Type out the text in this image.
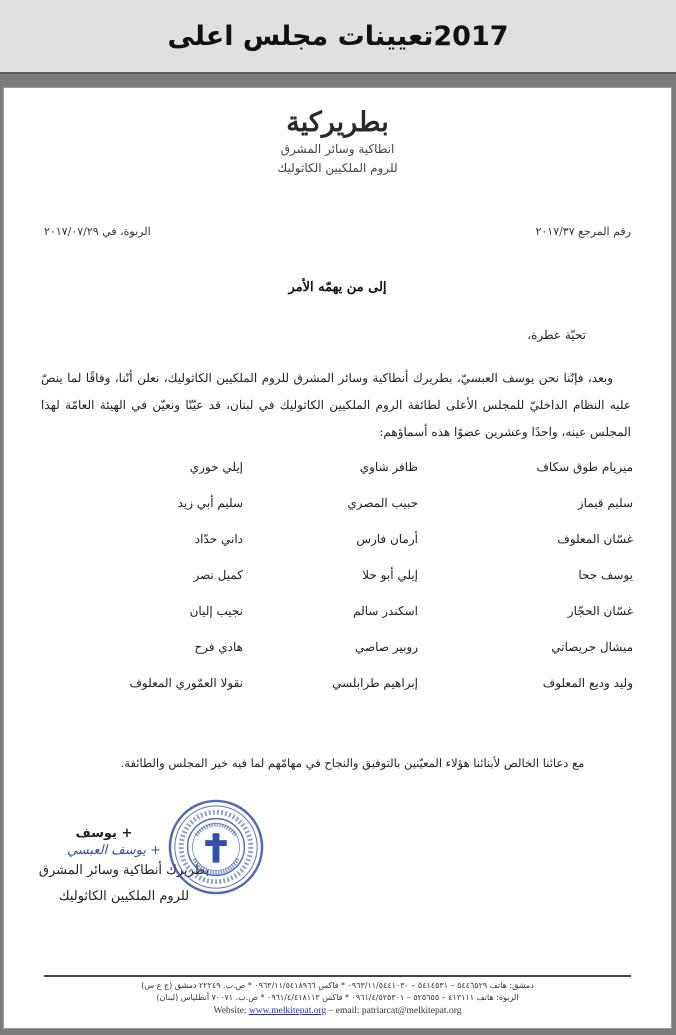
2017تعيينات مجلس اعلى
بطريركية
انطاكية وسائر المشرق
للروم الملكيين الكاثوليك
رقم المرجع ٢٠١٧/٣٧
الربوة، في ٢٠١٧/٠٧/٢٩
إلى من يهمّه الأمر
تحيّة عطرة،
وبعد، فإنّنا نحن يوسف العبسيّ، بطريرك أنطاكية وسائر المشرق للروم الملكيين الكاثوليك، نعلن أنّنا، وفاقًا لما ينصّ عليه النظام الداخليّ للمجلس الأعلى لطائفة الروم الملكيين الكاثوليك في لبنان، قد عيّنّا ونعيّن في الهيئة العامّة لهذا المجلس عينه، واحدًا وعشرين عضوًا هذه أسماؤهم:
ميريام طوق سكاف
ظافر شاوي
إيلي خوري
سليم قيماز
حبيب المصري
سليم أبي زيد
غسّان المعلوف
أرمان فارس
داني حدّاد
يوسف جحا
إيلي أبو حلا
كميل نصر
غسّان الحجّار
اسكندر سالم
نجيب إليان
ميشال جريصاتي
روبير صاصي
هادي فرح
وليد وديع المعلوف
إبراهيم طرابلسي
نقولا العمّوري المعلوف
مع دعائنا الخالص لأبنائنا هؤلاء المعيّنين بالتوفيق والنجاح في مهامّهم لما فيه خير المجلس والطائفة.
+ يوسف
+ يوسف العبسي
بطريرك أنطاكية وسائر المشرق
للروم الملكيين الكاثوليك
دمشق: هاتف ٥٤٤٦٥٢٩ – ٥٤١٤٥٣١ – ٠٩٦٣/١١/٥٤٤١٠٣٠ * فاكس ٠٩٦٣/١١/٥٤١٨٩٦٦ * ص.ب. ٢٢٢٤٩ دمشق (ج ع س)
الربوة: هاتف ٤١٣١١١ – ٥٢٥٦٥٥ – ٠٩٦١/٤/٥٢٥٣٠١ * فاكس ٠٩٦١/٤/٤١٨١١٣ * ص.ب. ٧٠٠٧١ أنطلياس (لبنان)
Website: www.melkitepat.org – email: patriarcat@melkitepat.org
